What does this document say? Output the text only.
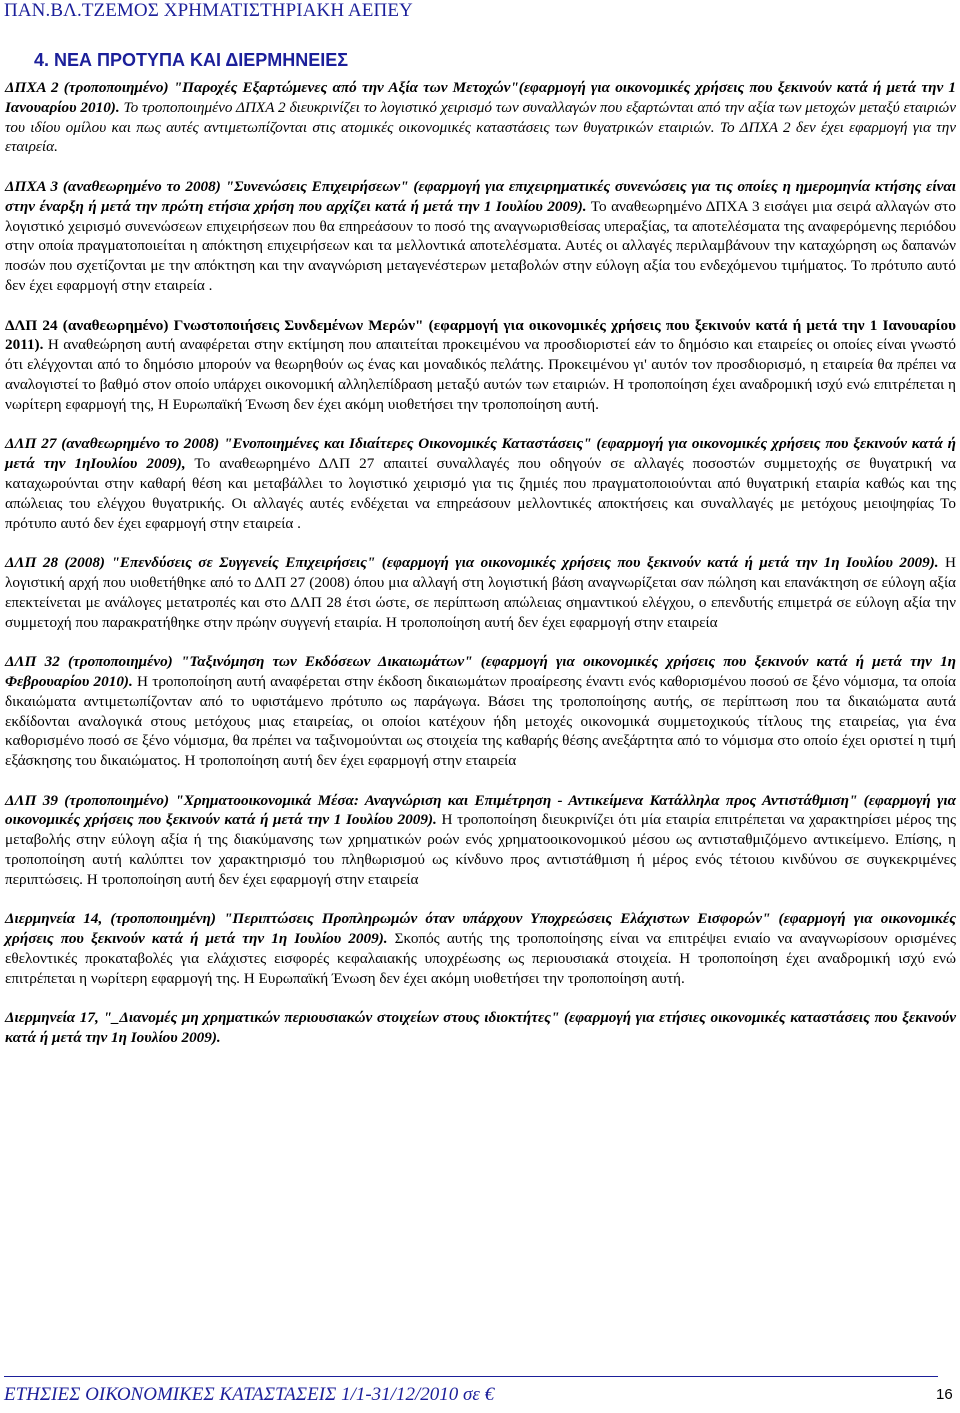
ΠΑΝ.ΒΛ.ΤΖΕΜΟΣ ΧΡΗΜΑΤΙΣΤΗΡΙΑΚΗ ΑΕΠΕΥ
4. ΝΕΑ ΠΡΟΤΥΠΑ ΚΑΙ ΔΙΕΡΜΗΝΕΙΕΣ

ΔΠΧΑ 2 (τροποποιημένο) "Παροχές Εξαρτώμενες από την Αξία των Μετοχών"(εφαρμογή για οικονομικές χρήσεις που ξεκινούν κατά ή μετά την 1 Ιανουαρίου 2010). Το τροποποιημένο ΔΠΧΑ 2 διευκρινίζει το λογιστικό χειρισμό των συναλλαγών που εξαρτώνται από την αξία των μετοχών μεταξύ εταιριών του ιδίου ομίλου και πως αυτές αντιμετωπίζονται στις ατομικές οικονομικές καταστάσεις των θυγατρικών εταιριών. Το ΔΠΧΑ 2 δεν έχει εφαρμογή για την εταιρεία.

ΔΠΧΑ 3 (αναθεωρημένο το 2008) "Συνενώσεις Επιχειρήσεων" (εφαρμογή για επιχειρηματικές συνενώσεις για τις οποίες η ημερομηνία κτήσης είναι στην έναρξη ή μετά την πρώτη ετήσια χρήση που αρχίζει κατά ή μετά την 1 Ιουλίου 2009). Το αναθεωρημένο ΔΠΧΑ 3 εισάγει μια σειρά αλλαγών στο λογιστικό χειρισμό συνενώσεων επιχειρήσεων που θα επηρεάσουν το ποσό της αναγνωρισθείσας υπεραξίας, τα αποτελέσματα της αναφερόμενης περιόδου στην οποία πραγματοποιείται η απόκτηση επιχειρήσεων και τα μελλοντικά αποτελέσματα. Αυτές οι αλλαγές περιλαμβάνουν την καταχώρηση ως δαπανών ποσών που σχετίζονται με την απόκτηση και την αναγνώριση μεταγενέστερων μεταβολών στην εύλογη αξία του ενδεχόμενου τιμήματος. Το πρότυπο αυτό δεν έχει εφαρμογή στην εταιρεία .

ΔΛΠ 24 (αναθεωρημένο) Γνωστοποιήσεις Συνδεμένων Μερών" (εφαρμογή για οικονομικές χρήσεις που ξεκινούν κατά ή μετά την 1 Ιανουαρίου 2011). Η αναθεώρηση αυτή αναφέρεται στην εκτίμηση που απαιτείται προκειμένου να προσδιοριστεί εάν το δημόσιο και εταιρείες οι οποίες είναι γνωστό ότι ελέγχονται από το δημόσιο μπορούν να θεωρηθούν ως ένας και μοναδικός πελάτης. Προκειμένου γι' αυτόν τον προσδιορισμό, η εταιρεία θα πρέπει να αναλογιστεί το βαθμό στον οποίο υπάρχει οικονομική αλληλεπίδραση μεταξύ αυτών των εταιριών. Η τροποποίηση έχει αναδρομική ισχύ ενώ επιτρέπεται η νωρίτερη εφαρμογή της, Η Ευρωπαϊκή Ένωση δεν έχει ακόμη υιοθετήσει την τροποποίηση αυτή.

ΔΛΠ 27 (αναθεωρημένο το 2008) "Ενοποιημένες και Ιδιαίτερες Οικονομικές Καταστάσεις" (εφαρμογή για οικονομικές χρήσεις που ξεκινούν κατά ή μετά την 1ηΙουλίου 2009), Το αναθεωρημένο ΔΛΠ 27 απαιτεί συναλλαγές που οδηγούν σε αλλαγές ποσοστών συμμετοχής σε θυγατρική να καταχωρούνται στην καθαρή θέση και μεταβάλλει το λογιστικό χειρισμό για τις ζημιές που πραγματοποιούνται από θυγατρική εταιρία καθώς και της απώλειας του ελέγχου θυγατρικής. Οι αλλαγές αυτές ενδέχεται να επηρεάσουν μελλοντικές αποκτήσεις και συναλλαγές με μετόχους μειοψηφίας Το πρότυπο αυτό δεν έχει εφαρμογή στην εταιρεία .

ΔΛΠ 28 (2008) "Επενδύσεις σε Συγγενείς Επιχειρήσεις" (εφαρμογή για οικονομικές χρήσεις που ξεκινούν κατά ή μετά την 1η Ιουλίου 2009). Η λογιστική αρχή που υιοθετήθηκε από το ΔΛΠ 27 (2008) όπου μια αλλαγή στη λογιστική βάση αναγνωρίζεται σαν πώληση και επανάκτηση σε εύλογη αξία επεκτείνεται με ανάλογες μετατροπές και στο ΔΛΠ 28 έτσι ώστε, σε περίπτωση απώλειας σημαντικού ελέγχου, ο επενδυτής επιμετρά σε εύλογη αξία την συμμετοχή που παρακρατήθηκε στην πρώην συγγενή εταιρία. Η τροποποίηση αυτή δεν έχει εφαρμογή στην εταιρεία

ΔΛΠ 32 (τροποποιημένο) "Ταξινόμηση των Εκδόσεων Δικαιωμάτων" (εφαρμογή για οικονομικές χρήσεις που ξεκινούν κατά ή μετά την 1η Φεβρουαρίου 2010). Η τροποποίηση αυτή αναφέρεται στην έκδοση δικαιωμάτων προαίρεσης έναντι ενός καθορισμένου ποσού σε ξένο νόμισμα, τα οποία δικαιώματα αντιμετωπίζονταν από το υφιστάμενο πρότυπο ως παράγωγα. Βάσει της τροποποίησης αυτής, σε περίπτωση που τα δικαιώματα αυτά εκδίδονται αναλογικά στους μετόχους μιας εταιρείας, οι οποίοι κατέχουν ήδη μετοχές οικονομικά συμμετοχικούς τίτλους της εταιρείας, για ένα καθορισμένο ποσό σε ξένο νόμισμα, θα πρέπει να ταξινομούνται ως στοιχεία της καθαρής θέσης ανεξάρτητα από το νόμισμα στο οποίο έχει οριστεί η τιμή εξάσκησης του δικαιώματος. Η τροποποίηση αυτή δεν έχει εφαρμογή στην εταιρεία

ΔΛΠ 39 (τροποποιημένο) "Χρηματοοικονομικά Μέσα: Αναγνώριση και Επιμέτρηση - Αντικείμενα Κατάλληλα προς Αντιστάθμιση" (εφαρμογή για οικονομικές χρήσεις που ξεκινούν κατά ή μετά την 1 Ιουλίου 2009). Η τροποποίηση διευκρινίζει ότι μία εταιρία επιτρέπεται να χαρακτηρίσει μέρος της μεταβολής στην εύλογη αξία ή της διακύμανσης των χρηματικών ροών ενός χρηματοοικονομικού μέσου ως αντισταθμιζόμενο αντικείμενο. Επίσης, η τροποποίηση αυτή καλύπτει τον χαρακτηρισμό του πληθωρισμού ως κίνδυνο προς αντιστάθμιση ή μέρος ενός τέτοιου κινδύνου σε συγκεκριμένες περιπτώσεις. Η τροποποίηση αυτή δεν έχει εφαρμογή στην εταιρεία

Διερμηνεία 14, (τροποποιημένη) "Περιπτώσεις Προπληρωμών όταν υπάρχουν Υποχρεώσεις Ελάχιστων Εισφορών" (εφαρμογή για οικονομικές χρήσεις που ξεκινούν κατά ή μετά την 1η Ιουλίου 2009). Σκοπός αυτής της τροποποίησης είναι να επιτρέψει ενιαίο να αναγνωρίσουν ορισμένες εθελοντικές προκαταβολές για ελάχιστες εισφορές κεφαλαιακής υποχρέωσης ως περιουσιακά στοιχεία. Η τροποποίηση έχει αναδρομική ισχύ ενώ επιτρέπεται η νωρίτερη εφαρμογή της. Η Ευρωπαϊκή Ένωση δεν έχει ακόμη υιοθετήσει την τροποποίηση αυτή.

Διερμηνεία 17, "_Διανομές μη χρηματικών περιουσιακών στοιχείων στους ιδιοκτήτες" (εφαρμογή για ετήσιες οικονομικές καταστάσεις που ξεκινούν κατά ή μετά την 1η Ιουλίου 2009).

ΕΤΗΣΙΕΣ ΟΙΚΟΝΟΜΙΚΕΣ ΚΑΤΑΣΤΑΣΕΙΣ 1/1-31/12/2010 σε €	16
